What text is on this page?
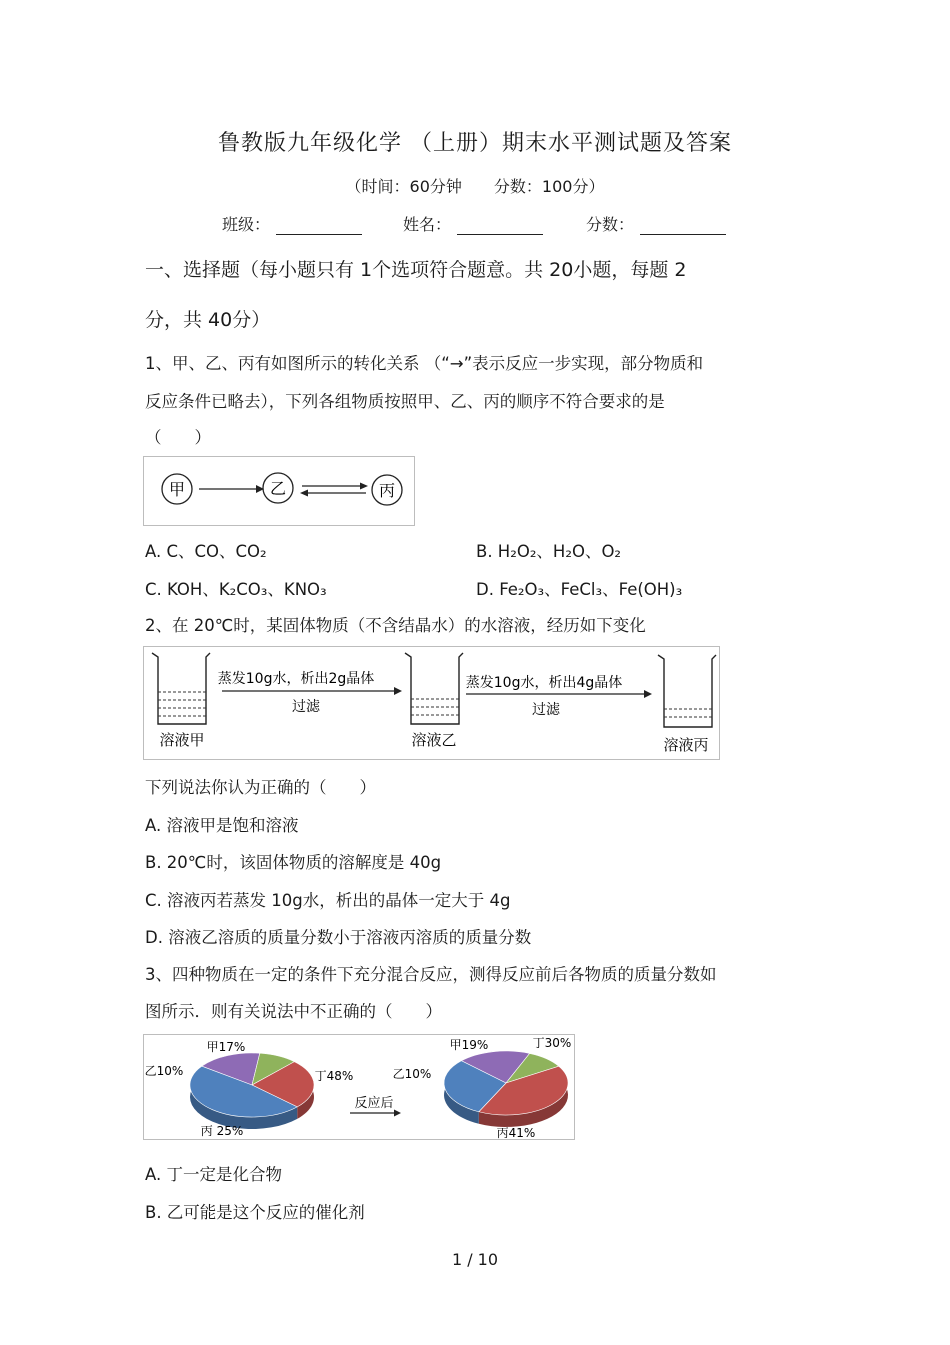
鲁教版九年级化学 （上册）期末水平测试题及答案
（时间：60分钟　　分数：100分）
班级：	姓名：	分数：
一、选择题（每小题只有 1个选项符合题意。共 20小题，每题 2
分，共 40分）
1、甲、乙、丙有如图所示的转化关系 （“→”表示反应一步实现，部分物质和
反应条件已略去），下列各组物质按照甲、乙、丙的顺序不符合要求的是
（　　）
甲	乙	丙
A. C、CO、CO₂	B. H₂O₂、H₂O、O₂
C. KOH、K₂CO₃、KNO₃	D. Fe₂O₃、FeCl₃、Fe(OH)₃
2、在 20℃时，某固体物质（不含结晶水）的水溶液，经历如下变化
溶液甲
蒸发10g水，析出2g晶体
过滤
溶液乙
蒸发10g水，析出4g晶体
过滤
溶液丙
下列说法你认为正确的（　　）
A. 溶液甲是饱和溶液
B. 20℃时，该固体物质的溶解度是 40g
C. 溶液丙若蒸发 10g水，析出的晶体一定大于 4g
D. 溶液乙溶质的质量分数小于溶液丙溶质的质量分数
3、四种物质在一定的条件下充分混合反应，测得反应前后各物质的质量分数如
图所示．则有关说法中不正确的（　　）
反应后
甲17%
乙10%
丙 25%
丁48%
甲19%
乙10%
丙41%
丁30%
A. 丁一定是化合物
B. 乙可能是这个反应的催化剂
1 / 10
